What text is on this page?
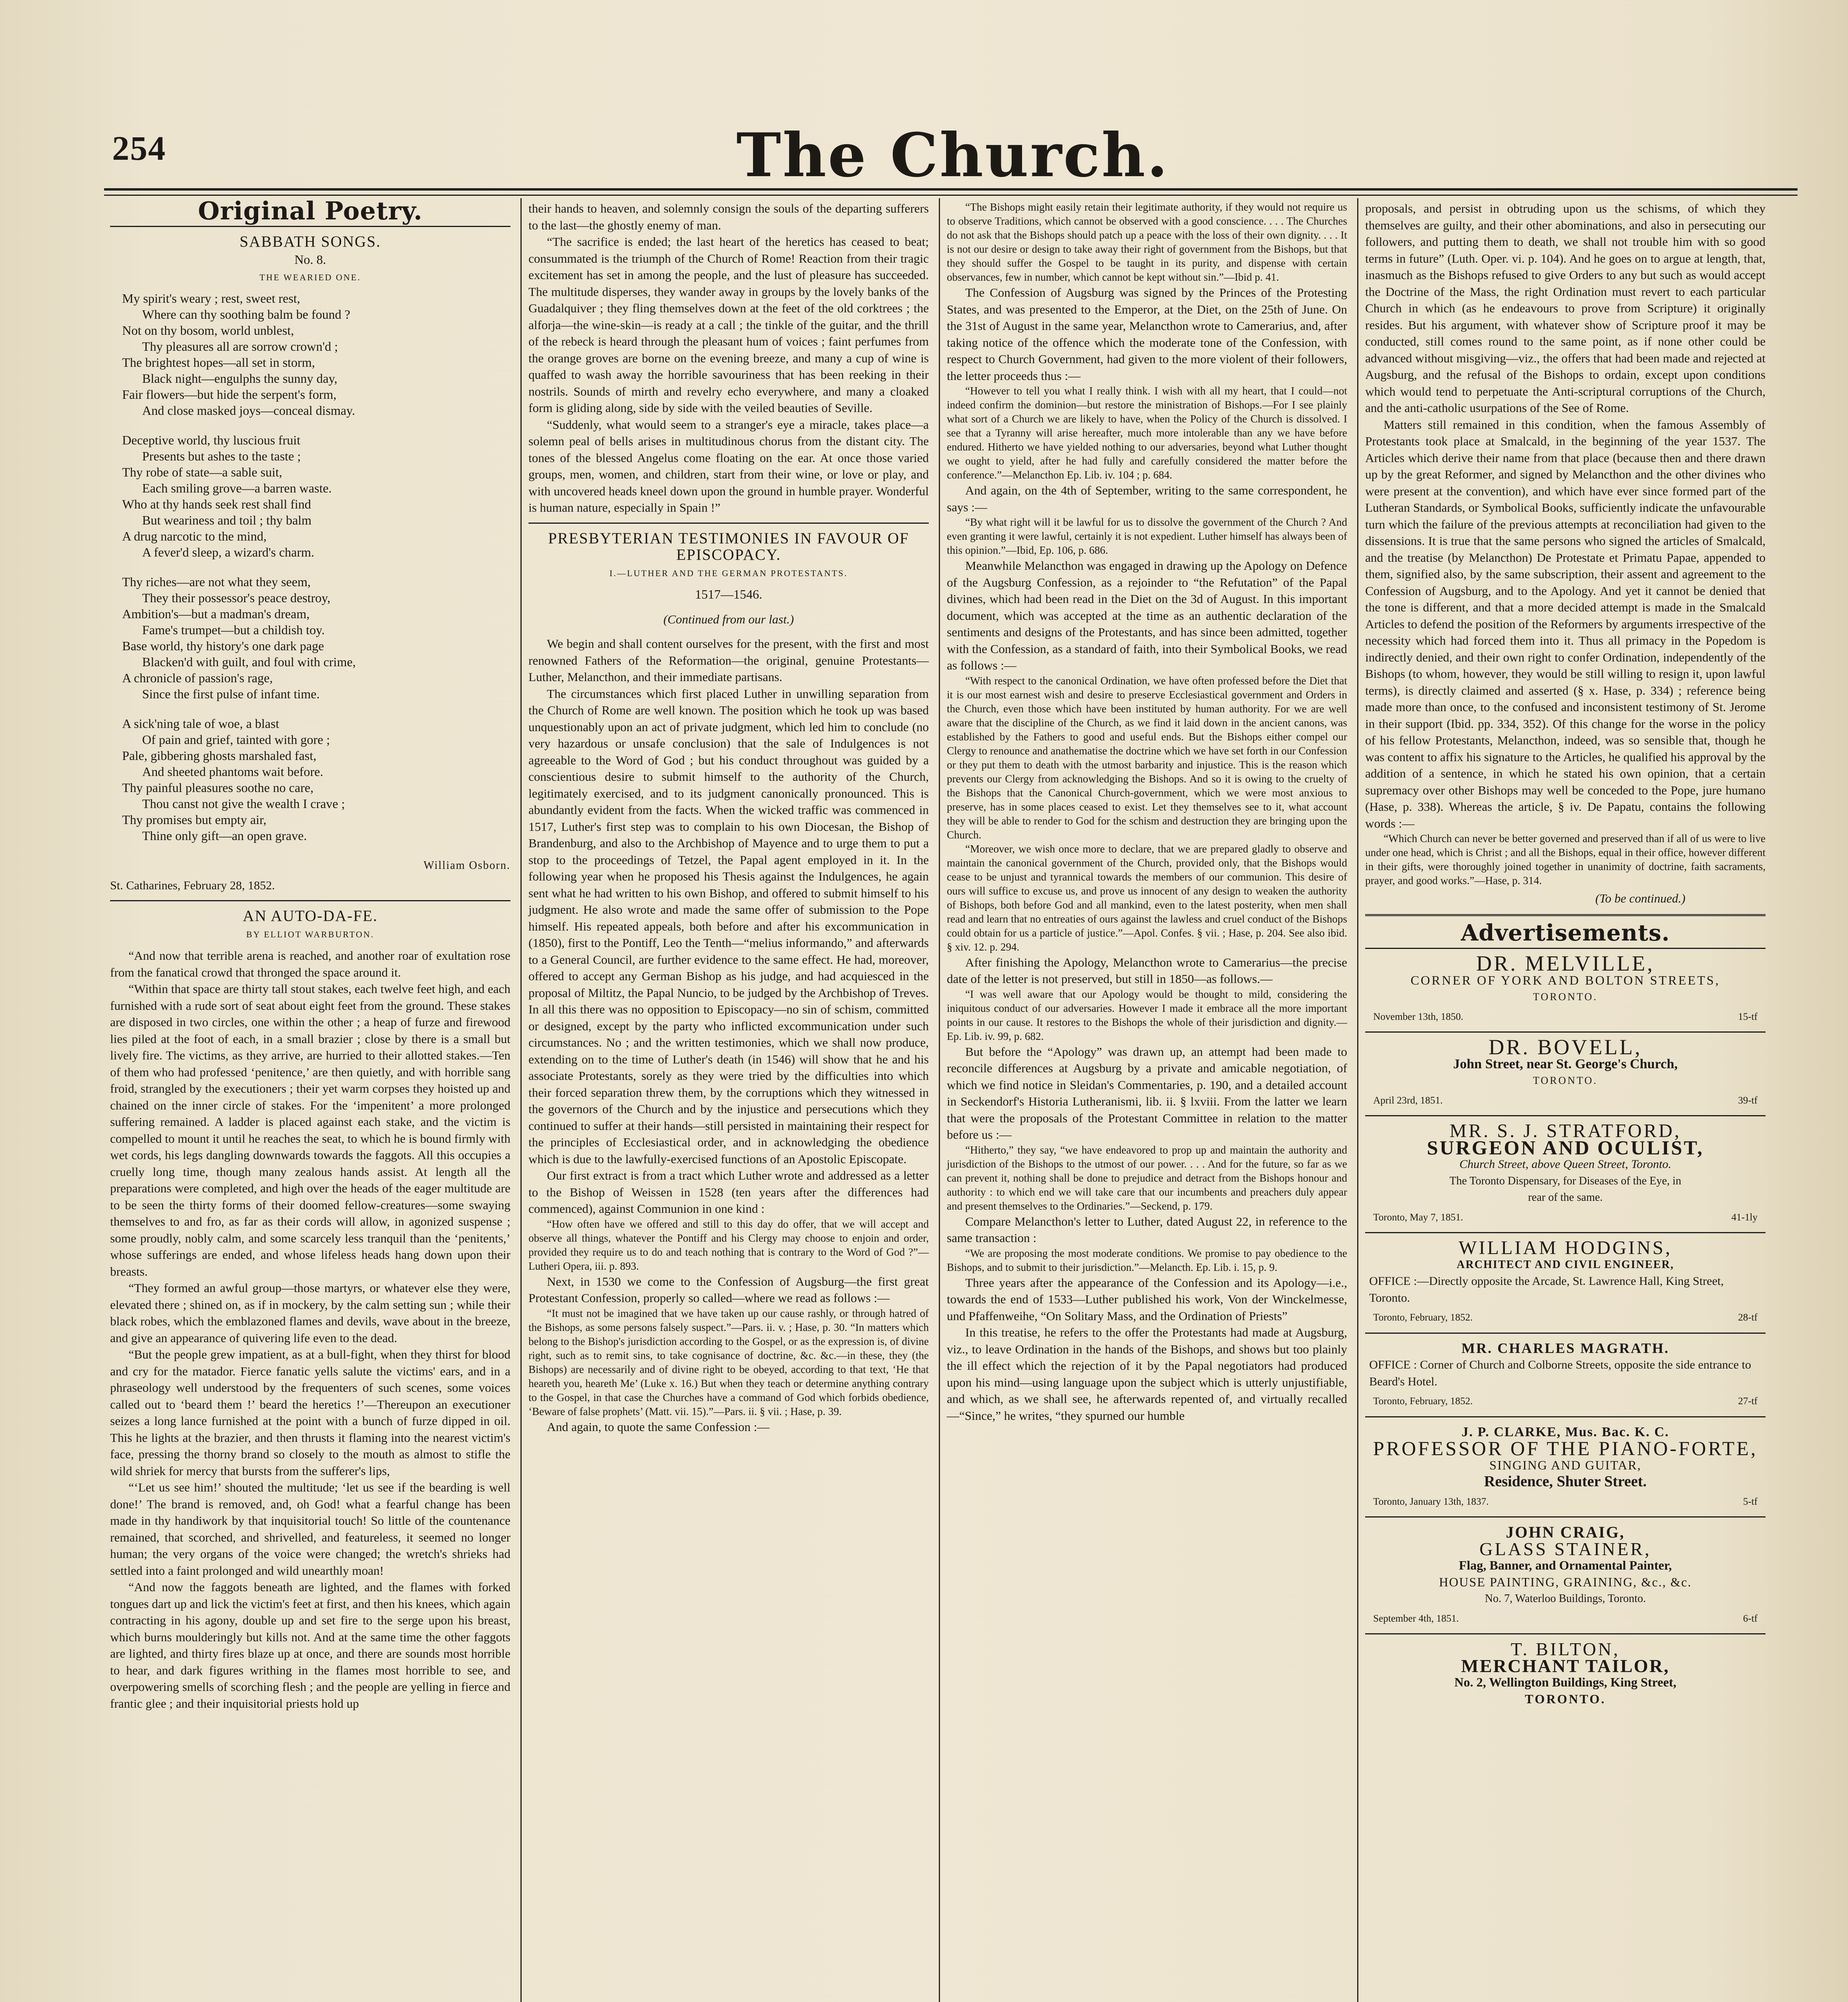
254	The Church.
Original Poetry.
SABBATH SONGS.
No. 8.
THE WEARIED ONE.
My spirit's weary ; rest, sweet rest,
Where can thy soothing balm be found ?
Not on thy bosom, world unblest,
Thy pleasures all are sorrow crown'd ;
The brightest hopes—all set in storm,
Black night—engulphs the sunny day,
Fair flowers—but hide the serpent's form,
And close masked joys—conceal dismay.
Deceptive world, thy luscious fruit
Presents but ashes to the taste ;
Thy robe of state—a sable suit,
Each smiling grove—a barren waste.
Who at thy hands seek rest shall find
But weariness and toil ; thy balm
A drug narcotic to the mind,
A fever'd sleep, a wizard's charm.
Thy riches—are not what they seem,
They their possessor's peace destroy,
Ambition's—but a madman's dream,
Fame's trumpet—but a childish toy.
Base world, thy history's one dark page
Blacken'd with guilt, and foul with crime,
A chronicle of passion's rage,
Since the first pulse of infant time.
A sick'ning tale of woe, a blast
Of pain and grief, tainted with gore ;
Pale, gibbering ghosts marshaled fast,
And sheeted phantoms wait before.
Thy painful pleasures soothe no care,
Thou canst not give the wealth I crave ;
Thy promises but empty air,
Thine only gift—an open grave.
William Osborn.
St. Catharines, February 28, 1852.
AN AUTO-DA-FE.
BY ELLIOT WARBURTON.

“And now that terrible arena is reached, and another roar of exultation rose from the fanatical crowd that thronged the space around it.

“Within that space are thirty tall stout stakes, each twelve feet high, and each furnished with a rude sort of seat about eight feet from the ground. These stakes are disposed in two circles, one within the other ; a heap of furze and firewood lies piled at the foot of each, in a small brazier ; close by there is a small but lively fire. The victims, as they arrive, are hurried to their allotted stakes.—Ten of them who had professed ‘penitence,’ are then quietly, and with horrible sang froid, strangled by the executioners ; their yet warm corpses they hoisted up and chained on the inner circle of stakes. For the ‘impenitent’ a more prolonged suffering remained. A ladder is placed against each stake, and the victim is compelled to mount it until he reaches the seat, to which he is bound firmly with wet cords, his legs dangling downwards towards the faggots. All this occupies a cruelly long time, though many zealous hands assist. At length all the preparations were completed, and high over the heads of the eager multitude are to be seen the thirty forms of their doomed fellow-creatures—some swaying themselves to and fro, as far as their cords will allow, in agonized suspense ; some proudly, nobly calm, and some scarcely less tranquil than the ‘penitents,’ whose sufferings are ended, and whose lifeless heads hang down upon their breasts.

“They formed an awful group—those martyrs, or whatever else they were, elevated there ; shined on, as if in mockery, by the calm setting sun ; while their black robes, which the emblazoned flames and devils, wave about in the breeze, and give an appearance of quivering life even to the dead.

“But the people grew impatient, as at a bull-fight, when they thirst for blood and cry for the matador. Fierce fanatic yells salute the victims' ears, and in a phraseology well understood by the frequenters of such scenes, some voices called out to ‘beard them !’ beard the heretics !’—Thereupon an executioner seizes a long lance furnished at the point with a bunch of furze dipped in oil. This he lights at the brazier, and then thrusts it flaming into the nearest victim's face, pressing the thorny brand so closely to the mouth as almost to stifle the wild shriek for mercy that bursts from the sufferer's lips,

“‘Let us see him!’ shouted the multitude; ‘let us see if the bearding is well done!’ The brand is removed, and, oh God! what a fearful change has been made in thy handiwork by that inquisitorial touch! So little of the countenance remained, that scorched, and shrivelled, and featureless, it seemed no longer human; the very organs of the voice were changed; the wretch's shrieks had settled into a faint prolonged and wild unearthly moan!

“And now the faggots beneath are lighted, and the flames with forked tongues dart up and lick the victim's feet at first, and then his knees, which again contracting in his agony, double up and set fire to the serge upon his breast, which burns moulderingly but kills not. And at the same time the other faggots are lighted, and thirty fires blaze up at once, and there are sounds most horrible to hear, and dark figures writhing in the flames most horrible to see, and overpowering smells of scorching flesh ; and the people are yelling in fierce and frantic glee ; and their inquisitorial priests hold up

their hands to heaven, and solemnly consign the souls of the departing sufferers to the last—the ghostly enemy of man.

“The sacrifice is ended; the last heart of the heretics has ceased to beat; consummated is the triumph of the Church of Rome! Reaction from their tragic excitement has set in among the people, and the lust of pleasure has succeeded. The multitude disperses, they wander away in groups by the lovely banks of the Guadalquiver ; they fling themselves down at the feet of the old corktrees ; the alforja—the wine-skin—is ready at a call ; the tinkle of the guitar, and the thrill of the rebeck is heard through the pleasant hum of voices ; faint perfumes from the orange groves are borne on the evening breeze, and many a cup of wine is quaffed to wash away the horrible savouriness that has been reeking in their nostrils. Sounds of mirth and revelry echo everywhere, and many a cloaked form is gliding along, side by side with the veiled beauties of Seville.

“Suddenly, what would seem to a stranger's eye a miracle, takes place—a solemn peal of bells arises in multitudinous chorus from the distant city. The tones of the blessed Angelus come floating on the ear. At once those varied groups, men, women, and children, start from their wine, or love or play, and with uncovered heads kneel down upon the ground in humble prayer. Wonderful is human nature, especially in Spain !”

PRESBYTERIAN TESTIMONIES IN FAVOUR OF EPISCOPACY.
I.—LUTHER AND THE GERMAN PROTESTANTS.
1517—1546.
(Continued from our last.)

We begin and shall content ourselves for the present, with the first and most renowned Fathers of the Reformation—the original, genuine Protestants—Luther, Melancthon, and their immediate partisans.

The circumstances which first placed Luther in unwilling separation from the Church of Rome are well known. The position which he took up was based unquestionably upon an act of private judgment, which led him to conclude (no very hazardous or unsafe conclusion) that the sale of Indulgences is not agreeable to the Word of God ; but his conduct throughout was guided by a conscientious desire to submit himself to the authority of the Church, legitimately exercised, and to its judgment canonically pronounced. This is abundantly evident from the facts. When the wicked traffic was commenced in 1517, Luther's first step was to complain to his own Diocesan, the Bishop of Brandenburg, and also to the Archbishop of Mayence and to urge them to put a stop to the proceedings of Tetzel, the Papal agent employed in it. In the following year when he proposed his Thesis against the Indulgences, he again sent what he had written to his own Bishop, and offered to submit himself to his judgment. He also wrote and made the same offer of submission to the Pope himself. His repeated appeals, both before and after his excommunication in (1850), first to the Pontiff, Leo the Tenth—“melius informando,” and afterwards to a General Council, are further evidence to the same effect. He had, moreover, offered to accept any German Bishop as his judge, and had acquiesced in the proposal of Miltitz, the Papal Nuncio, to be judged by the Archbishop of Treves. In all this there was no opposition to Episcopacy—no sin of schism, committed or designed, except by the party who inflicted excommunication under such circumstances. No ; and the written testimonies, which we shall now produce, extending on to the time of Luther's death (in 1546) will show that he and his associate Protestants, sorely as they were tried by the difficulties into which their forced separation threw them, by the corruptions which they witnessed in the governors of the Church and by the injustice and persecutions which they continued to suffer at their hands—still persisted in maintaining their respect for the principles of Ecclesiastical order, and in acknowledging the obedience which is due to the lawfully-exercised functions of an Apostolic Episcopate.

Our first extract is from a tract which Luther wrote and addressed as a letter to the Bishop of Weissen in 1528 (ten years after the differences had commenced), against Communion in one kind :

“How often have we offered and still to this day do offer, that we will accept and observe all things, whatever the Pontiff and his Clergy may choose to enjoin and order, provided they require us to do and teach nothing that is contrary to the Word of God ?”—Lutheri Opera, iii. p. 893.

Next, in 1530 we come to the Confession of Augsburg—the first great Protestant Confession, properly so called—where we read as follows :—

“It must not be imagined that we have taken up our cause rashly, or through hatred of the Bishops, as some persons falsely suspect.”—Pars. ii. v. ; Hase, p. 30. “In matters which belong to the Bishop's jurisdiction according to the Gospel, or as the expression is, of divine right, such as to remit sins, to take cognisance of doctrine, &c. &c.—in these, they (the Bishops) are necessarily and of divine right to be obeyed, according to that text, ‘He that heareth you, heareth Me’ (Luke x. 16.) But when they teach or determine anything contrary to the Gospel, in that case the Churches have a command of God which forbids obedience, ‘Beware of false prophets’ (Matt. vii. 15).”—Pars. ii. § vii. ; Hase, p. 39.

And again, to quote the same Confession :—

“The Bishops might easily retain their legitimate authority, if they would not require us to observe Traditions, which cannot be observed with a good conscience. . . . The Churches do not ask that the Bishops should patch up a peace with the loss of their own dignity. . . . It is not our desire or design to take away their right of government from the Bishops, but that they should suffer the Gospel to be taught in its purity, and dispense with certain observances, few in number, which cannot be kept without sin.”—Ibid p. 41.

The Confession of Augsburg was signed by the Princes of the Protesting States, and was presented to the Emperor, at the Diet, on the 25th of June. On the 31st of August in the same year, Melancthon wrote to Camerarius, and, after taking notice of the offence which the moderate tone of the Confession, with respect to Church Government, had given to the more violent of their followers, the letter proceeds thus :—

“However to tell you what I really think. I wish with all my heart, that I could—not indeed confirm the dominion—but restore the ministration of Bishops.—For I see plainly what sort of a Church we are likely to have, when the Policy of the Church is dissolved. I see that a Tyranny will arise hereafter, much more intolerable than any we have before endured. Hitherto we have yielded nothing to our adversaries, beyond what Luther thought we ought to yield, after he had fully and carefully considered the matter before the conference.”—Melancthon Ep. Lib. iv. 104 ; p. 684.

And again, on the 4th of September, writing to the same correspondent, he says :—

“By what right will it be lawful for us to dissolve the government of the Church ? And even granting it were lawful, certainly it is not expedient. Luther himself has always been of this opinion.”—Ibid, Ep. 106, p. 686.

Meanwhile Melancthon was engaged in drawing up the Apology on Defence of the Augsburg Confession, as a rejoinder to “the Refutation” of the Papal divines, which had been read in the Diet on the 3d of August. In this important document, which was accepted at the time as an authentic declaration of the sentiments and designs of the Protestants, and has since been admitted, together with the Confession, as a standard of faith, into their Symbolical Books, we read as follows :—

“With respect to the canonical Ordination, we have often professed before the Diet that it is our most earnest wish and desire to preserve Ecclesiastical government and Orders in the Church, even those which have been instituted by human authority. For we are well aware that the discipline of the Church, as we find it laid down in the ancient canons, was established by the Fathers to good and useful ends. But the Bishops either compel our Clergy to renounce and anathematise the doctrine which we have set forth in our Confession or they put them to death with the utmost barbarity and injustice. This is the reason which prevents our Clergy from acknowledging the Bishops. And so it is owing to the cruelty of the Bishops that the Canonical Church-government, which we were most anxious to preserve, has in some places ceased to exist. Let they themselves see to it, what account they will be able to render to God for the schism and destruction they are bringing upon the Church.

“Moreover, we wish once more to declare, that we are prepared gladly to observe and maintain the canonical government of the Church, provided only, that the Bishops would cease to be unjust and tyrannical towards the members of our communion. This desire of ours will suffice to excuse us, and prove us innocent of any design to weaken the authority of Bishops, both before God and all mankind, even to the latest posterity, when men shall read and learn that no entreaties of ours against the lawless and cruel conduct of the Bishops could obtain for us a particle of justice.”—Apol. Confes. § vii. ; Hase, p. 204. See also ibid. § xiv. 12. p. 294.

After finishing the Apology, Melancthon wrote to Camerarius—the precise date of the letter is not preserved, but still in 1850—as follows.—

“I was well aware that our Apology would be thought to mild, considering the iniquitous conduct of our adversaries. However I made it embrace all the more important points in our cause. It restores to the Bishops the whole of their jurisdiction and dignity.—Ep. Lib. iv. 99, p. 682.

But before the “Apology” was drawn up, an attempt had been made to reconcile differences at Augsburg by a private and amicable negotiation, of which we find notice in Sleidan's Commentaries, p. 190, and a detailed account in Seckendorf's Historia Lutheranismi, lib. ii. § lxviii. From the latter we learn that were the proposals of the Protestant Committee in relation to the matter before us :—

“Hitherto,” they say, “we have endeavored to prop up and maintain the authority and jurisdiction of the Bishops to the utmost of our power. . . . And for the future, so far as we can prevent it, nothing shall be done to prejudice and detract from the Bishops honour and authority : to which end we will take care that our incumbents and preachers duly appear and present themselves to the Ordinaries.”—Seckend, p. 179.

Compare Melancthon's letter to Luther, dated August 22, in reference to the same transaction :

“We are proposing the most moderate conditions. We promise to pay obedience to the Bishops, and to submit to their jurisdiction.”—Melancth. Ep. Lib. i. 15, p. 9.

Three years after the appearance of the Confession and its Apology—i.e., towards the end of 1533—Luther published his work, Von der Winckelmesse, und Pfaffenweihe, “On Solitary Mass, and the Ordination of Priests”

In this treatise, he refers to the offer the Protestants had made at Augsburg, viz., to leave Ordination in the hands of the Bishops, and shows but too plainly the ill effect which the rejection of it by the Papal negotiators had produced upon his mind—using language upon the subject which is utterly unjustifiable, and which, as we shall see, he afterwards repented of, and virtually recalled—“Since,” he writes, “they spurned our humble

proposals, and persist in obtruding upon us the schisms, of which they themselves are guilty, and their other abominations, and also in persecuting our followers, and putting them to death, we shall not trouble him with so good terms in future” (Luth. Oper. vi. p. 104). And he goes on to argue at length, that, inasmuch as the Bishops refused to give Orders to any but such as would accept the Doctrine of the Mass, the right Ordination must revert to each particular Church in which (as he endeavours to prove from Scripture) it originally resides. But his argument, with whatever show of Scripture proof it may be conducted, still comes round to the same point, as if none other could be advanced without misgiving—viz., the offers that had been made and rejected at Augsburg, and the refusal of the Bishops to ordain, except upon conditions which would tend to perpetuate the Anti-scriptural corruptions of the Church, and the anti-catholic usurpations of the See of Rome.

Matters still remained in this condition, when the famous Assembly of Protestants took place at Smalcald, in the beginning of the year 1537. The Articles which derive their name from that place (because then and there drawn up by the great Reformer, and signed by Melancthon and the other divines who were present at the convention), and which have ever since formed part of the Lutheran Standards, or Symbolical Books, sufficiently indicate the unfavourable turn which the failure of the previous attempts at reconciliation had given to the dissensions. It is true that the same persons who signed the articles of Smalcald, and the treatise (by Melancthon) De Protestate et Primatu Papae, appended to them, signified also, by the same subscription, their assent and agreement to the Confession of Augsburg, and to the Apology. And yet it cannot be denied that the tone is different, and that a more decided attempt is made in the Smalcald Articles to defend the position of the Reformers by arguments irrespective of the necessity which had forced them into it. Thus all primacy in the Popedom is indirectly denied, and their own right to confer Ordination, independently of the Bishops (to whom, however, they would be still willing to resign it, upon lawful terms), is directly claimed and asserted (§ x. Hase, p. 334) ; reference being made more than once, to the confused and inconsistent testimony of St. Jerome in their support (Ibid. pp. 334, 352). Of this change for the worse in the policy of his fellow Protestants, Melancthon, indeed, was so sensible that, though he was content to affix his signature to the Articles, he qualified his approval by the addition of a sentence, in which he stated his own opinion, that a certain supremacy over other Bishops may well be conceded to the Pope, jure humano (Hase, p. 338). Whereas the article, § iv. De Papatu, contains the following words :—

“Which Church can never be better governed and preserved than if all of us were to live under one head, which is Christ ; and all the Bishops, equal in their office, however different in their gifts, were thoroughly joined together in unanimity of doctrine, faith sacraments, prayer, and good works.”—Hase, p. 314.

(To be continued.)
Advertisements.
DR. MELVILLE,
CORNER OF YORK AND BOLTON STREETS,
TORONTO.
November 13th, 1850.	15-tf
DR. BOVELL,
John Street, near St. George's Church,
TORONTO.
April 23rd, 1851.	39-tf
MR. S. J. STRATFORD,
SURGEON AND OCULIST,
Church Street, above Queen Street, Toronto.
The Toronto Dispensary, for Diseases of the Eye, in
rear of the same.
Toronto, May 7, 1851.	41-1ly
WILLIAM HODGINS,
ARCHITECT AND CIVIL ENGINEER,
OFFICE :—Directly opposite the Arcade, St. Lawrence Hall, King Street, Toronto.
Toronto, February, 1852.	28-tf
MR. CHARLES MAGRATH.
OFFICE : Corner of Church and Colborne Streets, opposite the side entrance to Beard's Hotel.
Toronto, February, 1852.	27-tf
J. P. CLARKE, Mus. Bac. K. C.
PROFESSOR OF THE PIANO-FORTE,
SINGING AND GUITAR,
Residence, Shuter Street.
Toronto, January 13th, 1837.	5-tf
JOHN CRAIG,
GLASS STAINER,
Flag, Banner, and Ornamental Painter,
HOUSE PAINTING, GRAINING, &c., &c.
No. 7, Waterloo Buildings, Toronto.
September 4th, 1851.	6-tf
T. BILTON,
MERCHANT TAILOR,
No. 2, Wellington Buildings, King Street,
TORONTO.
